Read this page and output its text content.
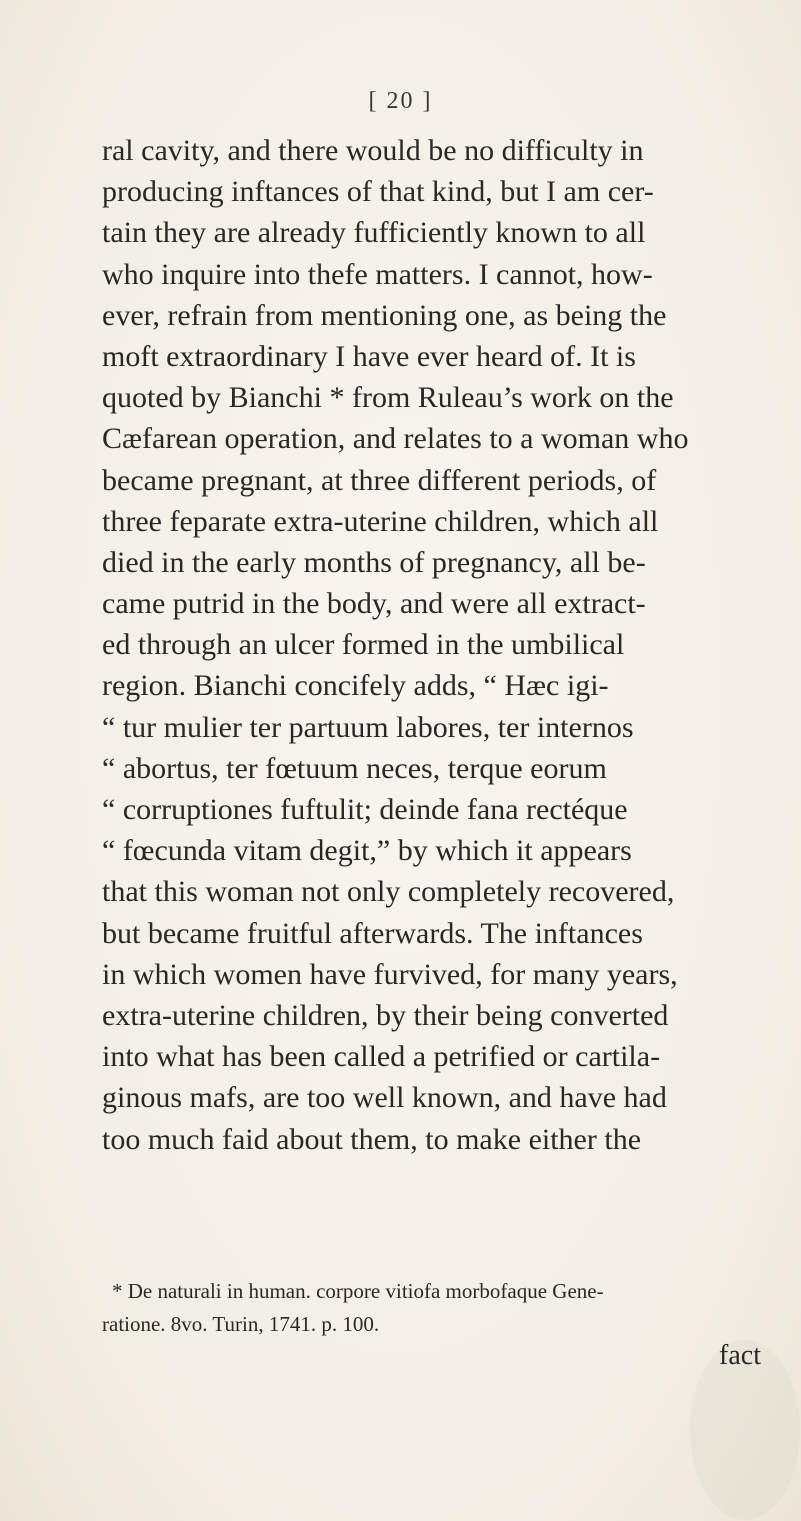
[ 20 ]
ral cavity, and there would be no difficulty in
producing inftances of that kind, but I am cer-
tain they are already fufficiently known to all
who inquire into thefe matters. I cannot, how-
ever, refrain from mentioning one, as being the
moft extraordinary I have ever heard of. It is
quoted by Bianchi * from Ruleau’s work on the
Cæfarean operation, and relates to a woman who
became pregnant, at three different periods, of
three feparate extra-uterine children, which all
died in the early months of pregnancy, all be-
came putrid in the body, and were all extract-
ed through an ulcer formed in the umbilical
region. Bianchi concifely adds, “ Hæc igi-
“ tur mulier ter partuum labores, ter internos
“ abortus, ter fœtuum neces, terque eorum
“ corruptiones fuftulit; deinde fana rectéque
“ fœcunda vitam degit,” by which it appears
that this woman not only completely recovered,
but became fruitful afterwards. The inftances
in which women have furvived, for many years,
extra-uterine children, by their being converted
into what has been called a petrified or cartila-
ginous mafs, are too well known, and have had
too much faid about them, to make either the
* De naturali in human. corpore vitiofa morbofaque Gene-
ratione. 8vo. Turin, 1741. p. 100.
fact
